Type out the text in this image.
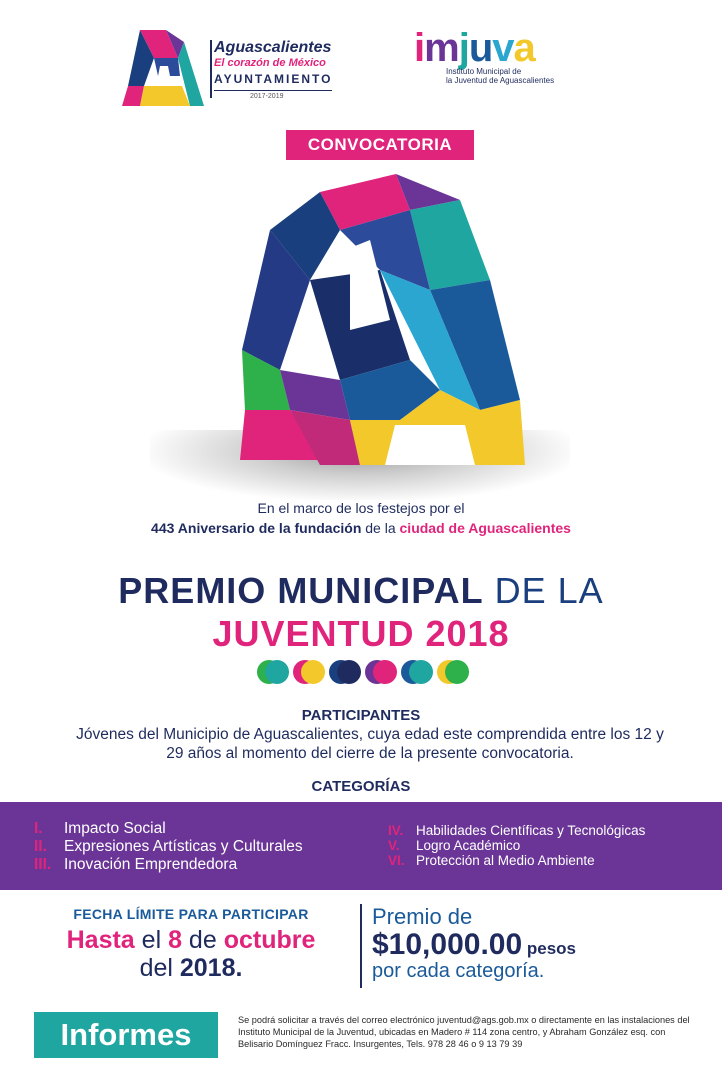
Aguascalientes
El corazón de México
AYUNTAMIENTO
2017-2019
imjuva
Instituto Municipal de
la Juventud de Aguascalientes
CONVOCATORIA
En el marco de los festejos por el
443 Aniversario de la fundación de la ciudad de Aguascalientes
PREMIO MUNICIPAL DE LA
JUVENTUD 2018
PARTICIPANTES
Jóvenes del Municipio de Aguascalientes, cuya edad este comprendida entre los 12 y 29 años al momento del cierre de la presente convocatoria.
CATEGORÍAS
I. Impacto Social
II. Expresiones Artísticas y Culturales
III. Inovación Emprendedora
IV. Habilidades Científicas y Tecnológicas
V. Logro Académico
VI. Protección al Medio Ambiente
FECHA LÍMITE PARA PARTICIPAR
Hasta el 8 de octubre
del 2018.
Premio de
$10,000.00 pesos
por cada categoría.
Informes	Se podrá solicitar a través del correo electrónico juventud@ags.gob.mx o directamente en las instalaciones del Instituto Municipal de la Juventud, ubicadas en Madero # 114 zona centro, y Abraham González esq. con Belisario Domínguez Fracc. Insurgentes, Tels. 978 28 46 o 9 13 79 39
